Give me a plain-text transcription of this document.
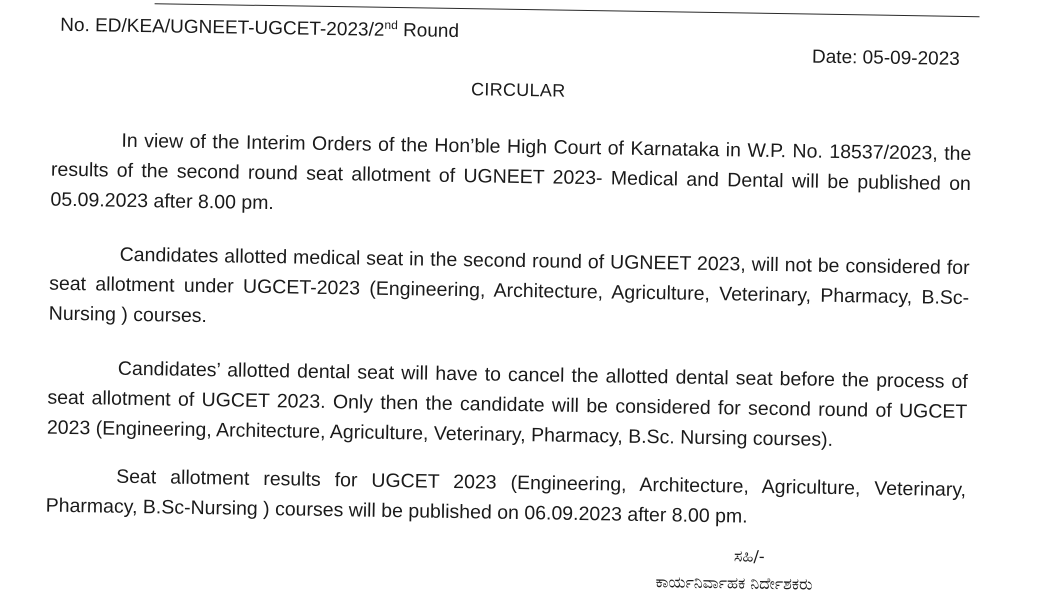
No. ED/KEA/UGNEET-UGCET-2023/2nd Round
Date: 05-09-2023
CIRCULAR

In view of the Interim Orders of the Hon’ble High Court of Karnataka in W.P. No. 18537/2023, the results of the second round seat allotment of UGNEET 2023- Medical and Dental will be published on 05.09.2023 after 8.00 pm.

Candidates allotted medical seat in the second round of UGNEET 2023, will not be considered for seat allotment under UGCET-2023 (Engineering, Architecture, Agriculture, Veterinary, Pharmacy, B.Sc-Nursing ) courses.

Candidates’ allotted dental seat will have to cancel the allotted dental seat before the process of seat allotment of UGCET 2023. Only then the candidate will be considered for second round of UGCET 2023 (Engineering, Architecture, Agriculture, Veterinary, Pharmacy, B.Sc. Nursing courses).

Seat allotment results for UGCET 2023 (Engineering, Architecture, Agriculture, Veterinary, Pharmacy, B.Sc-Nursing ) courses will be published on 06.09.2023 after 8.00 pm.

ಸಹಿ/-
ಕಾರ್ಯನಿರ್ವಾಹಕ ನಿರ್ದೇಶಕರು
